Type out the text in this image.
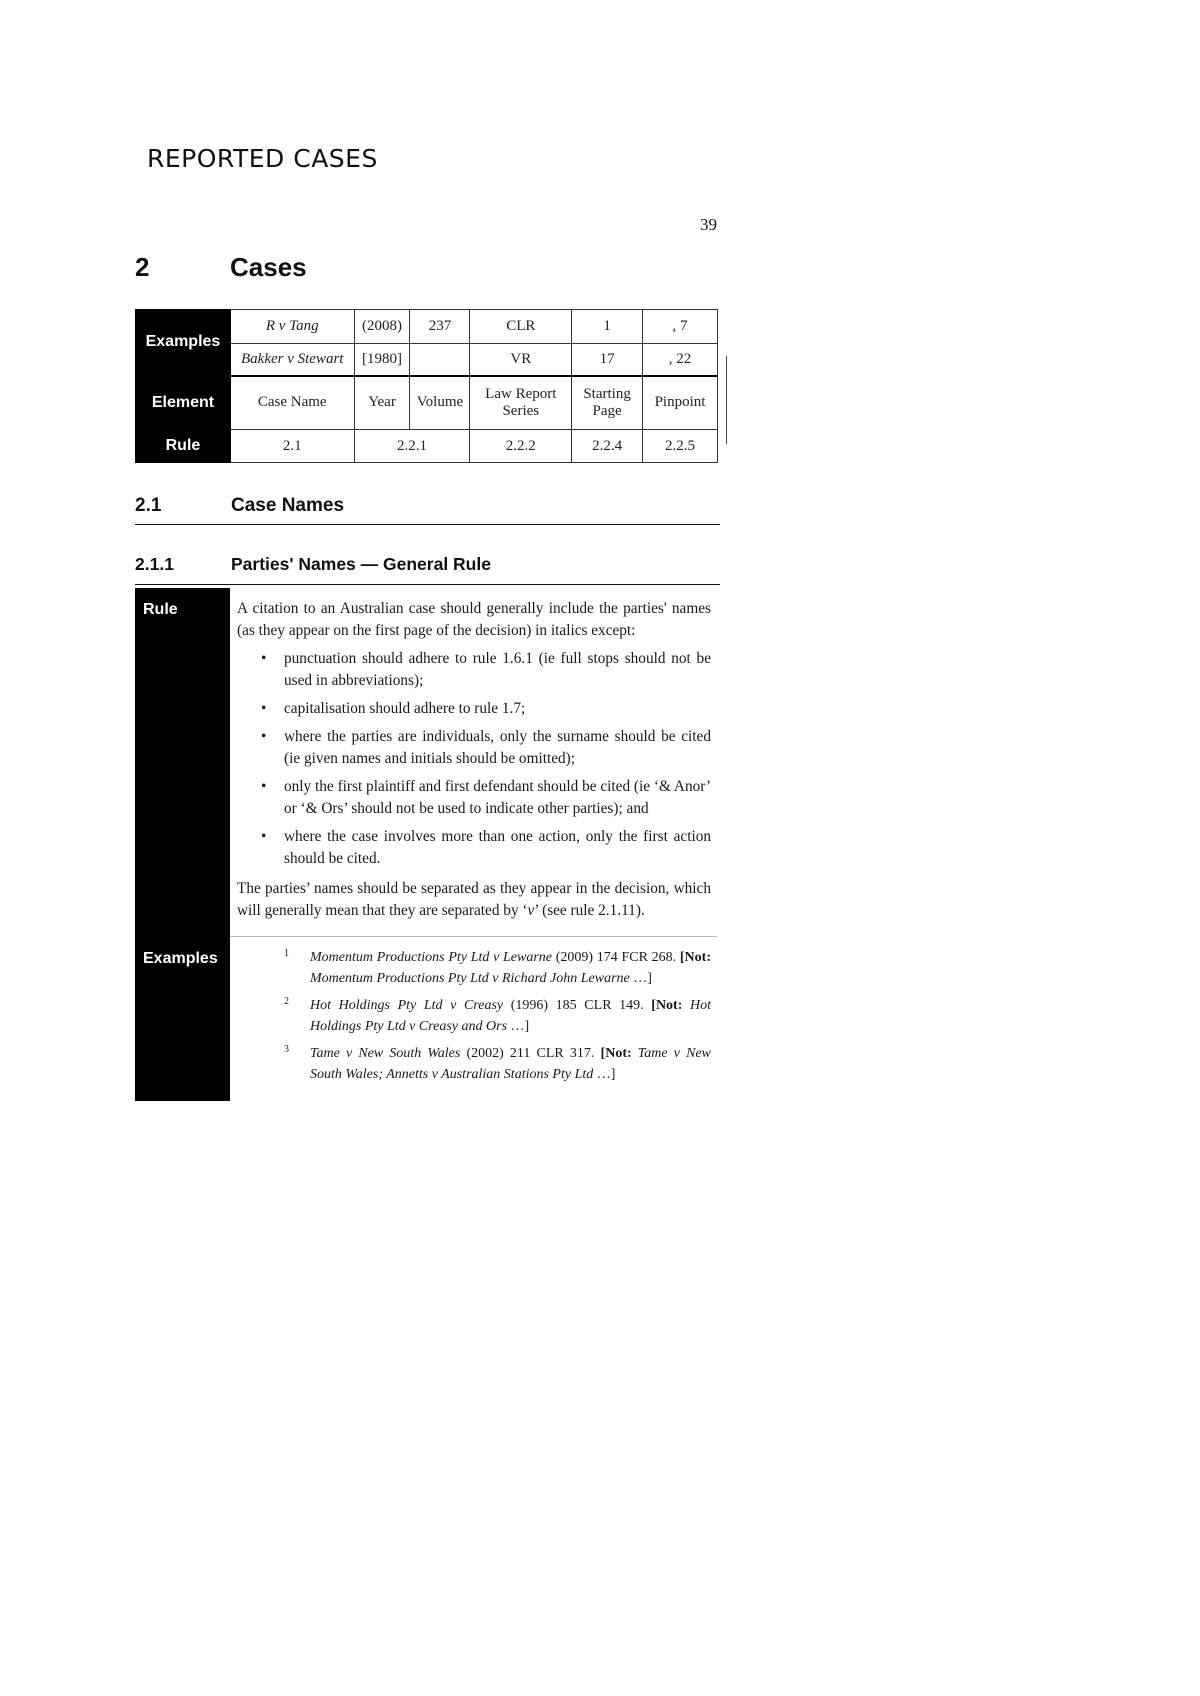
REPORTED CASES
39
2	Cases
Examples	R v Tang	(2008)	237	CLR	1	, 7
	Bakker v Stewart	[1980]		VR	17	, 22
Element	Case Name	Year	Volume	Law Report Series	Starting Page	Pinpoint
Rule	2.1	2.2.1		2.2.2	2.2.4	2.2.5
2.1	Case Names
2.1.1	Parties' Names — General Rule
Rule	A citation to an Australian case should generally include the parties' names (as they appear on the first page of the decision) in italics except:

• punctuation should adhere to rule 1.6.1 (ie full stops should not be used in abbreviations);
• capitalisation should adhere to rule 1.7;
• where the parties are individuals, only the surname should be cited (ie given names and initials should be omitted);
• only the first plaintiff and first defendant should be cited (ie ‘& Anor’ or ‘& Ors’ should not be used to indicate other parties); and
• where the case involves more than one action, only the first action should be cited.

The parties’ names should be separated as they appear in the decision, which will generally mean that they are separated by ‘v’ (see rule 2.1.11).

Examples	1	Momentum Productions Pty Ltd v Lewarne (2009) 174 FCR 268. [Not: Momentum Productions Pty Ltd v Richard John Lewarne …]
2	Hot Holdings Pty Ltd v Creasy (1996) 185 CLR 149. [Not: Hot Holdings Pty Ltd v Creasy and Ors …]
3	Tame v New South Wales (2002) 211 CLR 317. [Not: Tame v New South Wales; Annetts v Australian Stations Pty Ltd …]
